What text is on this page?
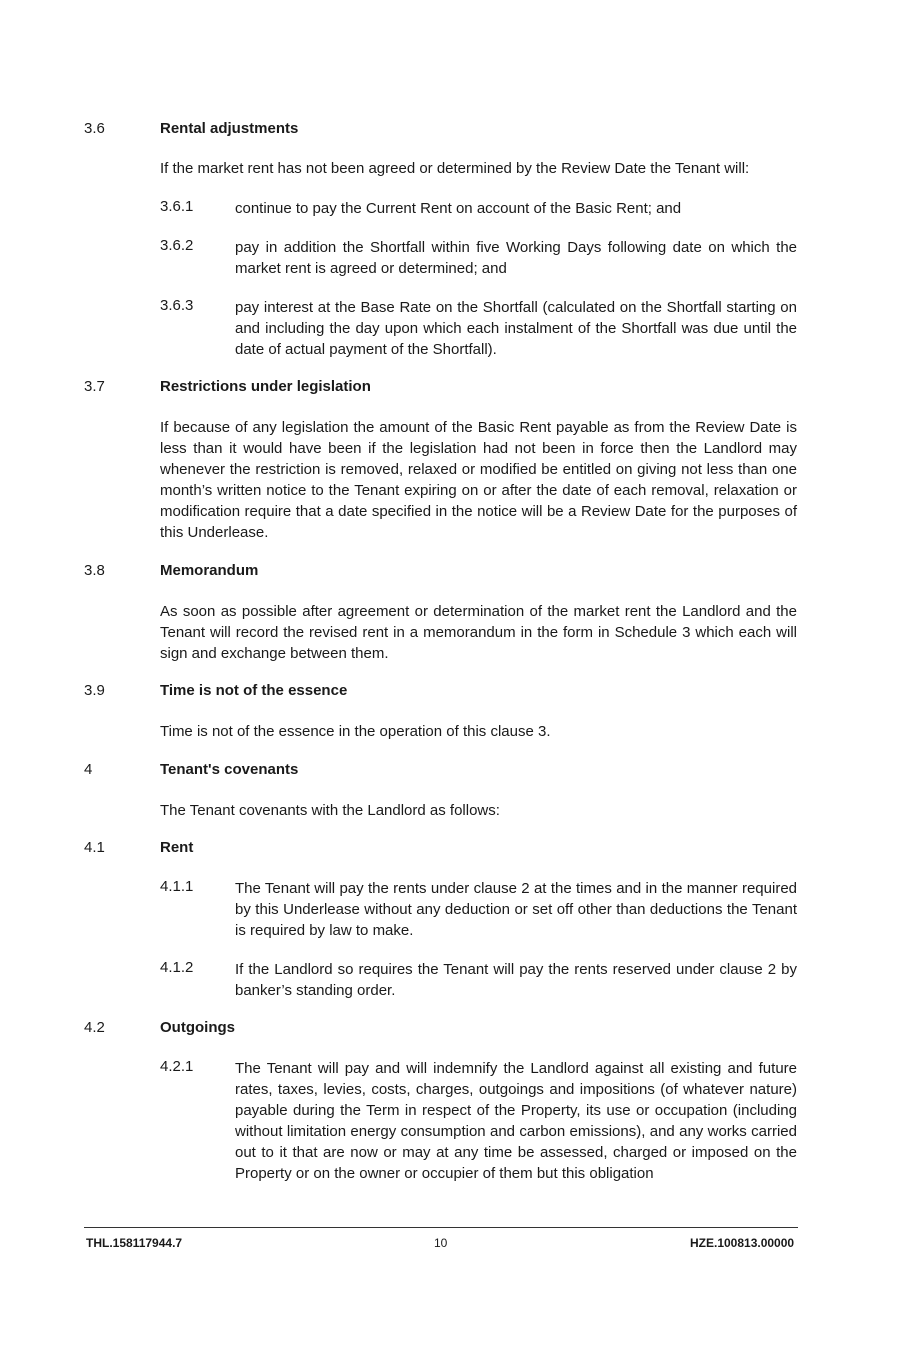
3.6	Rental adjustments
If the market rent has not been agreed or determined by the Review Date the Tenant will:
3.6.1	continue to pay the Current Rent on account of the Basic Rent; and
3.6.2	pay in addition the Shortfall within five Working Days following date on which the market rent is agreed or determined; and
3.6.3	pay interest at the Base Rate on the Shortfall (calculated on the Shortfall starting on and including the day upon which each instalment of the Shortfall was due until the date of actual payment of the Shortfall).
3.7	Restrictions under legislation
If because of any legislation the amount of the Basic Rent payable as from the Review Date is less than it would have been if the legislation had not been in force then the Landlord may whenever the restriction is removed, relaxed or modified be entitled on giving not less than one month’s written notice to the Tenant expiring on or after the date of each removal, relaxation or modification require that a date specified in the notice will be a Review Date for the purposes of this Underlease.
3.8	Memorandum
As soon as possible after agreement or determination of the market rent the Landlord and the Tenant will record the revised rent in a memorandum in the form in Schedule 3 which each will sign and exchange between them.
3.9	Time is not of the essence
Time is not of the essence in the operation of this clause 3.
4	Tenant's covenants
The Tenant covenants with the Landlord as follows:
4.1	Rent
4.1.1	The Tenant will pay the rents under clause 2 at the times and in the manner required by this Underlease without any deduction or set off other than deductions the Tenant is required by law to make.
4.1.2	If the Landlord so requires the Tenant will pay the rents reserved under clause 2 by banker’s standing order.
4.2	Outgoings
4.2.1	The Tenant will pay and will indemnify the Landlord against all existing and future rates, taxes, levies, costs, charges, outgoings and impositions (of whatever nature) payable during the Term in respect of the Property, its use or occupation (including without limitation energy consumption and carbon emissions), and any works carried out to it that are now or may at any time be assessed, charged or imposed on the Property or on the owner or occupier of them but this obligation
THL.158117944.7	10	HZE.100813.00000
